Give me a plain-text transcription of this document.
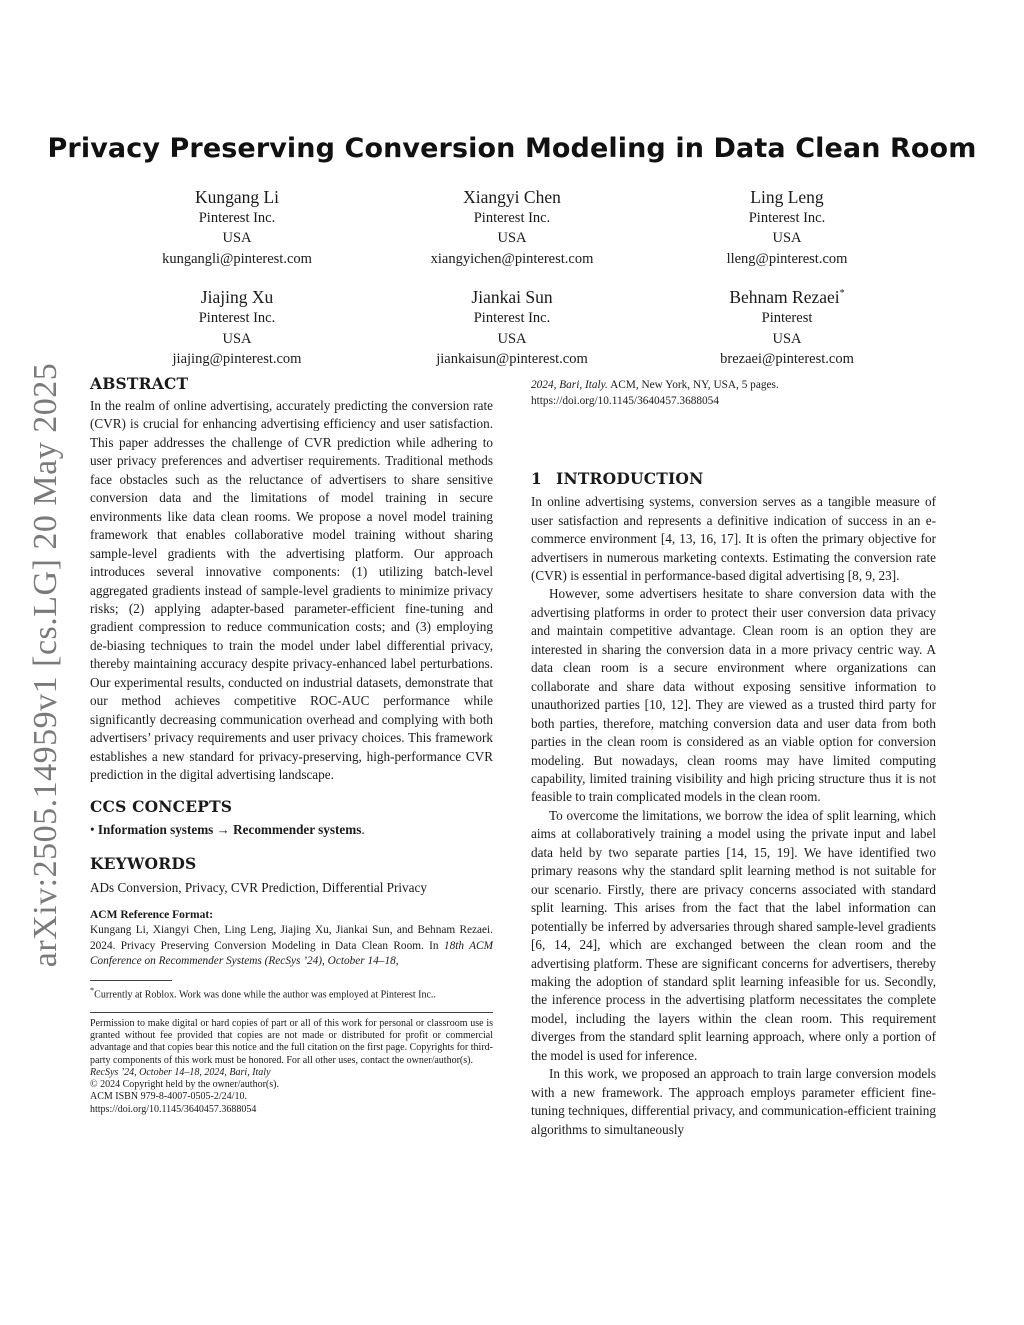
arXiv:2505.14959v1 [cs.LG] 20 May 2025
Privacy Preserving Conversion Modeling in Data Clean Room
Kungang Li
Pinterest Inc.
USA
kungangli@pinterest.com
Xiangyi Chen
Pinterest Inc.
USA
xiangyichen@pinterest.com
Ling Leng
Pinterest Inc.
USA
lleng@pinterest.com
Jiajing Xu
Pinterest Inc.
USA
jiajing@pinterest.com
Jiankai Sun
Pinterest Inc.
USA
jiankaisun@pinterest.com
Behnam Rezaei*
Pinterest
USA
brezaei@pinterest.com
ABSTRACT

In the realm of online advertising, accurately predicting the conversion rate (CVR) is crucial for enhancing advertising efficiency and user satisfaction. This paper addresses the challenge of CVR prediction while adhering to user privacy preferences and advertiser requirements. Traditional methods face obstacles such as the reluctance of advertisers to share sensitive conversion data and the limitations of model training in secure environments like data clean rooms. We propose a novel model training framework that enables collaborative model training without sharing sample-level gradients with the advertising platform. Our approach introduces several innovative components: (1) utilizing batch-level aggregated gradients instead of sample-level gradients to minimize privacy risks; (2) applying adapter-based parameter-efficient fine-tuning and gradient compression to reduce communication costs; and (3) employing de-biasing techniques to train the model under label differential privacy, thereby maintaining accuracy despite privacy-enhanced label perturbations. Our experimental results, conducted on industrial datasets, demonstrate that our method achieves competitive ROC-AUC performance while significantly decreasing communication overhead and complying with both advertisers’ privacy requirements and user privacy choices. This framework establishes a new standard for privacy-preserving, high-performance CVR prediction in the digital advertising landscape.

CCS CONCEPTS
• Information systems → Recommender systems.
KEYWORDS

ADs Conversion, Privacy, CVR Prediction, Differential Privacy

ACM Reference Format:

Kungang Li, Xiangyi Chen, Ling Leng, Jiajing Xu, Jiankai Sun, and Behnam Rezaei. 2024. Privacy Preserving Conversion Modeling in Data Clean Room. In 18th ACM Conference on Recommender Systems (RecSys ’24), October 14–18,

*Currently at Roblox. Work was done while the author was employed at Pinterest Inc..
Permission to make digital or hard copies of part or all of this work for personal or classroom use is granted without fee provided that copies are not made or distributed for profit or commercial advantage and that copies bear this notice and the full citation on the first page. Copyrights for third-party components of this work must be honored. For all other uses, contact the owner/author(s).
RecSys ’24, October 14–18, 2024, Bari, Italy
© 2024 Copyright held by the owner/author(s).
ACM ISBN 979-8-4007-0505-2/24/10.
https://doi.org/10.1145/3640457.3688054
2024, Bari, Italy. ACM, New York, NY, USA, 5 pages. https://doi.org/10.1145/3640457.3688054
1 INTRODUCTION

In online advertising systems, conversion serves as a tangible measure of user satisfaction and represents a definitive indication of success in an e-commerce environment [4, 13, 16, 17]. It is often the primary objective for advertisers in numerous marketing contexts. Estimating the conversion rate (CVR) is essential in performance-based digital advertising [8, 9, 23].

However, some advertisers hesitate to share conversion data with the advertising platforms in order to protect their user conversion data privacy and maintain competitive advantage. Clean room is an option they are interested in sharing the conversion data in a more privacy centric way. A data clean room is a secure environment where organizations can collaborate and share data without exposing sensitive information to unauthorized parties [10, 12]. They are viewed as a trusted third party for both parties, therefore, matching conversion data and user data from both parties in the clean room is considered as an viable option for conversion modeling. But nowadays, clean rooms may have limited computing capability, limited training visibility and high pricing structure thus it is not feasible to train complicated models in the clean room.

To overcome the limitations, we borrow the idea of split learning, which aims at collaboratively training a model using the private input and label data held by two separate parties [14, 15, 19]. We have identified two primary reasons why the standard split learning method is not suitable for our scenario. Firstly, there are privacy concerns associated with standard split learning. This arises from the fact that the label information can potentially be inferred by adversaries through shared sample-level gradients [6, 14, 24], which are exchanged between the clean room and the advertising platform. These are significant concerns for advertisers, thereby making the adoption of standard split learning infeasible for us. Secondly, the inference process in the advertising platform necessitates the complete model, including the layers within the clean room. This requirement diverges from the standard split learning approach, where only a portion of the model is used for inference.

In this work, we proposed an approach to train large conversion models with a new framework. The approach employs parameter efficient fine-tuning techniques, differential privacy, and communication-efficient training algorithms to simultaneously
